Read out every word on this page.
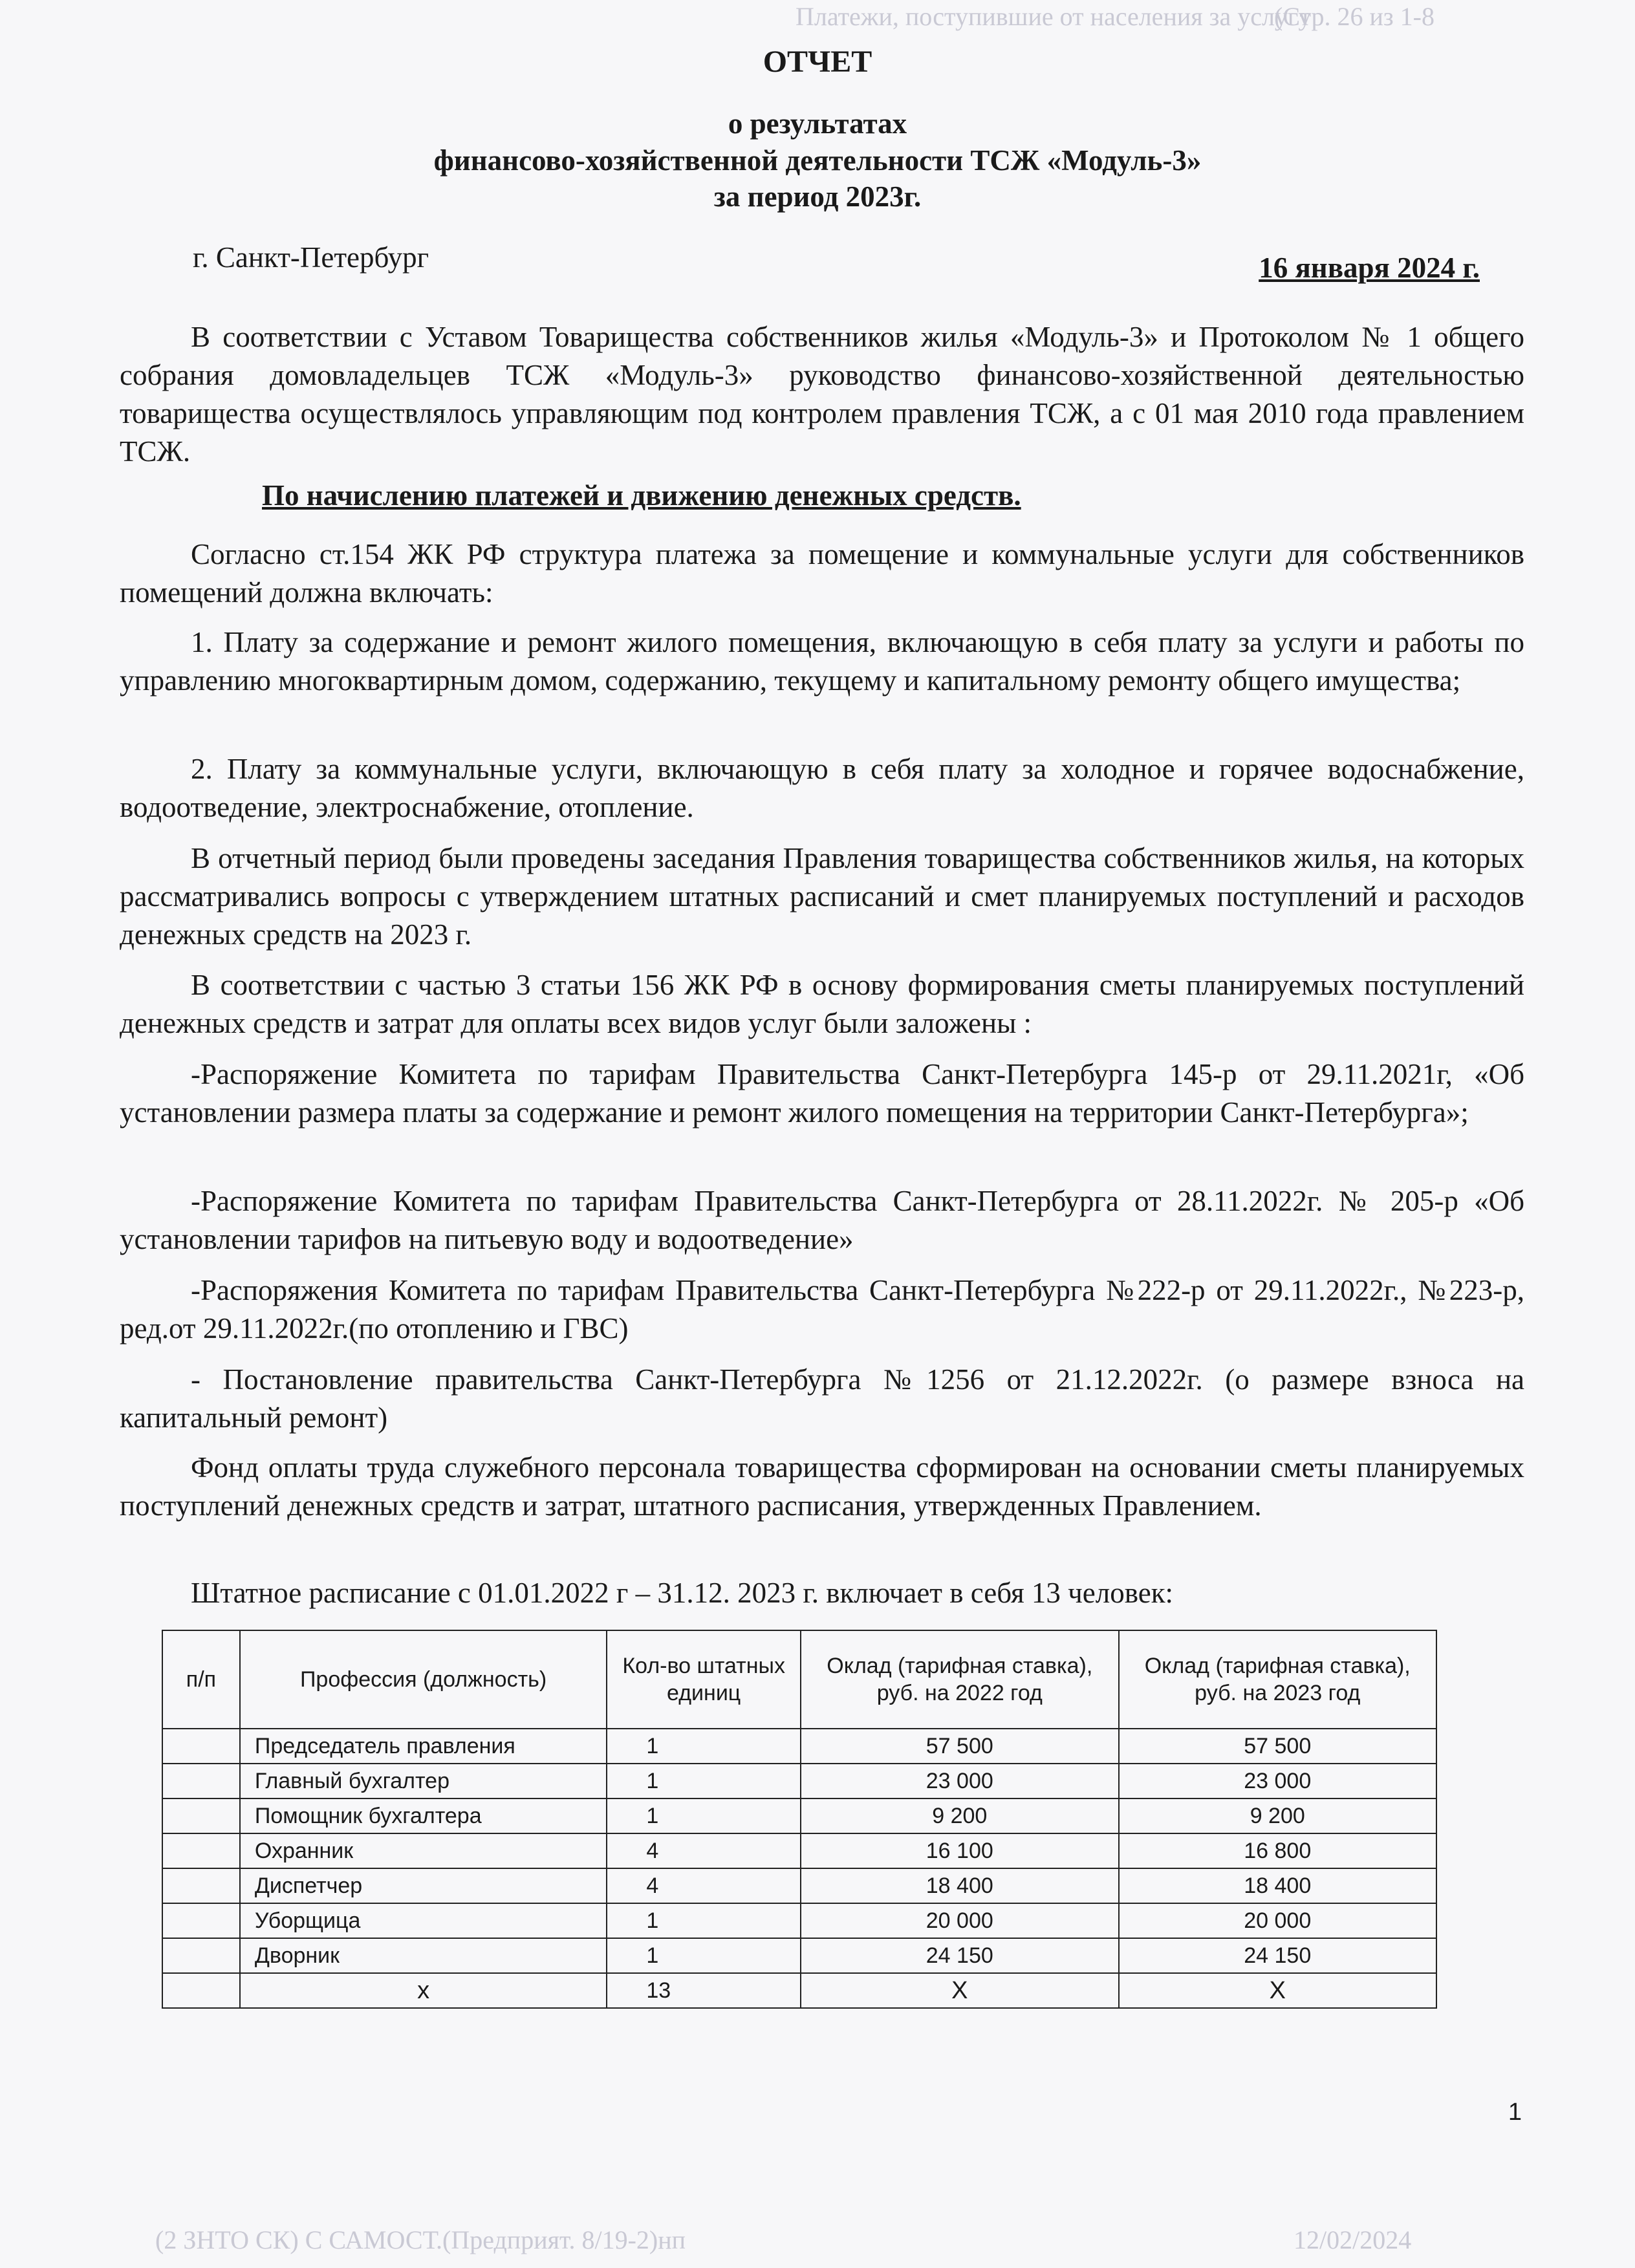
Платежи, поступившие от населения за услугу
(Стр. 26 из 1-8
ОТЧЕТ
о результатах
финансово-хозяйственной деятельности ТСЖ «Модуль-3»
за период 2023г.
г. Санкт-Петербург	16 января 2024 г.
В соответствии с Уставом Товарищества собственников жилья «Модуль-3» и Протоколом № 1 общего собрания домовладельцев ТСЖ «Модуль-3» руководство финансово-хозяйственной деятельностью товарищества осуществлялось управляющим под контролем правления ТСЖ, а с 01 мая 2010 года правлением ТСЖ.
По начислению платежей и движению денежных средств.
Согласно ст.154 ЖК РФ структура платежа за помещение и коммунальные услуги для собственников помещений должна включать:
1. Плату за содержание и ремонт жилого помещения, включающую в себя плату за услуги и работы по управлению многоквартирным домом, содержанию, текущему и капитальному ремонту общего имущества;
2. Плату за коммунальные услуги, включающую в себя плату за холодное и горячее водоснабжение, водоотведение, электроснабжение, отопление.
В отчетный период были проведены заседания Правления товарищества собственников жилья, на которых рассматривались вопросы с утверждением штатных расписаний и смет планируемых поступлений и расходов денежных средств на 2023 г.
В соответствии с частью 3 статьи 156 ЖК РФ в основу формирования сметы планируемых поступлений денежных средств и затрат для оплаты всех видов услуг были заложены :
-Распоряжение Комитета по тарифам Правительства Санкт-Петербурга 145-р от 29.11.2021г, «Об установлении размера платы за содержание и ремонт жилого помещения на территории Санкт-Петербурга»;
-Распоряжение Комитета по тарифам Правительства Санкт-Петербурга от 28.11.2022г. № 205-р «Об установлении тарифов на питьевую воду и водоотведение»
-Распоряжения Комитета по тарифам Правительства Санкт-Петербурга №222-р от 29.11.2022г., №223-р, ред.от 29.11.2022г.(по отоплению и ГВС)
- Постановление правительства Санкт-Петербурга №1256 от 21.12.2022г. (о размере взноса на капитальный ремонт)
Фонд оплаты труда служебного персонала товарищества сформирован на основании сметы планируемых поступлений денежных средств и затрат, штатного расписания, утвержденных Правлением.
Штатное расписание с 01.01.2022 г – 31.12. 2023 г. включает в себя 13 человек:
п/п	Профессия (должность)	Кол-во штатных единиц	Оклад (тарифная ставка), руб. на 2022 год	Оклад (тарифная ставка), руб. на 2023 год
	Председатель правления	1	57 500	57 500
	Главный бухгалтер	1	23 000	23 000
	Помощник бухгалтера	1	9 200	9 200
	Охранник	4	16 100	16 800
	Диспетчер	4	18 400	18 400
	Уборщица	1	20 000	20 000
	Дворник	1	24 150	24 150
	х	13	Х	Х
1
(2 ЗНТО СК) С САМОСТ.(Предприят. 8/19-2)нп	12/02/2024
